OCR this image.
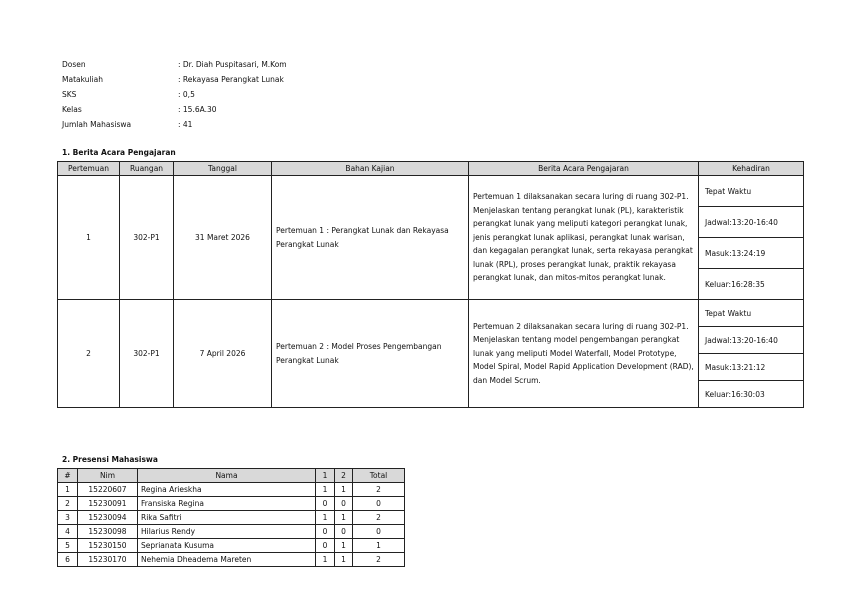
Dosen	: Dr. Diah Puspitasari, M.Kom
Matakuliah	: Rekayasa Perangkat Lunak
SKS	: 0,5
Kelas	: 15.6A.30
Jumlah Mahasiswa	: 41
1. Berita Acara Pengajaran
Pertemuan	Ruangan	Tanggal	Bahan Kajian	Berita Acara Pengajaran	Kehadiran
1	302-P1	31 Maret 2026	Pertemuan 1 : Perangkat Lunak dan Rekayasa Perangkat Lunak	Pertemuan 1 dilaksanakan secara luring di ruang 302-P1. Menjelaskan tentang perangkat lunak (PL), karakteristik perangkat lunak yang meliputi kategori perangkat lunak, jenis perangkat lunak aplikasi, perangkat lunak warisan, dan kegagalan perangkat lunak, serta rekayasa perangkat lunak (RPL), proses perangkat lunak, praktik rekayasa perangkat lunak, dan mitos-mitos perangkat lunak.	Tepat Waktu
					Jadwal:13:20-16:40
					Masuk:13:24:19
					Keluar:16:28:35
2	302-P1	7 April 2026	Pertemuan 2 : Model Proses Pengembangan Perangkat Lunak	Pertemuan 2 dilaksanakan secara luring di ruang 302-P1. Menjelaskan tentang model pengembangan perangkat lunak yang meliputi Model Waterfall, Model Prototype, Model Spiral, Model Rapid Application Development (RAD), dan Model Scrum.	Tepat Waktu
					Jadwal:13:20-16:40
					Masuk:13:21:12
					Keluar:16:30:03
2. Presensi Mahasiswa
#	Nim	Nama	1	2	Total
1	15220607	Regina Arieskha	1	1	2
2	15230091	Fransiska Regina	0	0	0
3	15230094	Rika Safitri	1	1	2
4	15230098	Hilarius Rendy	0	0	0
5	15230150	Seprianata Kusuma	0	1	1
6	15230170	Nehemia Dheadema Mareten	1	1	2
